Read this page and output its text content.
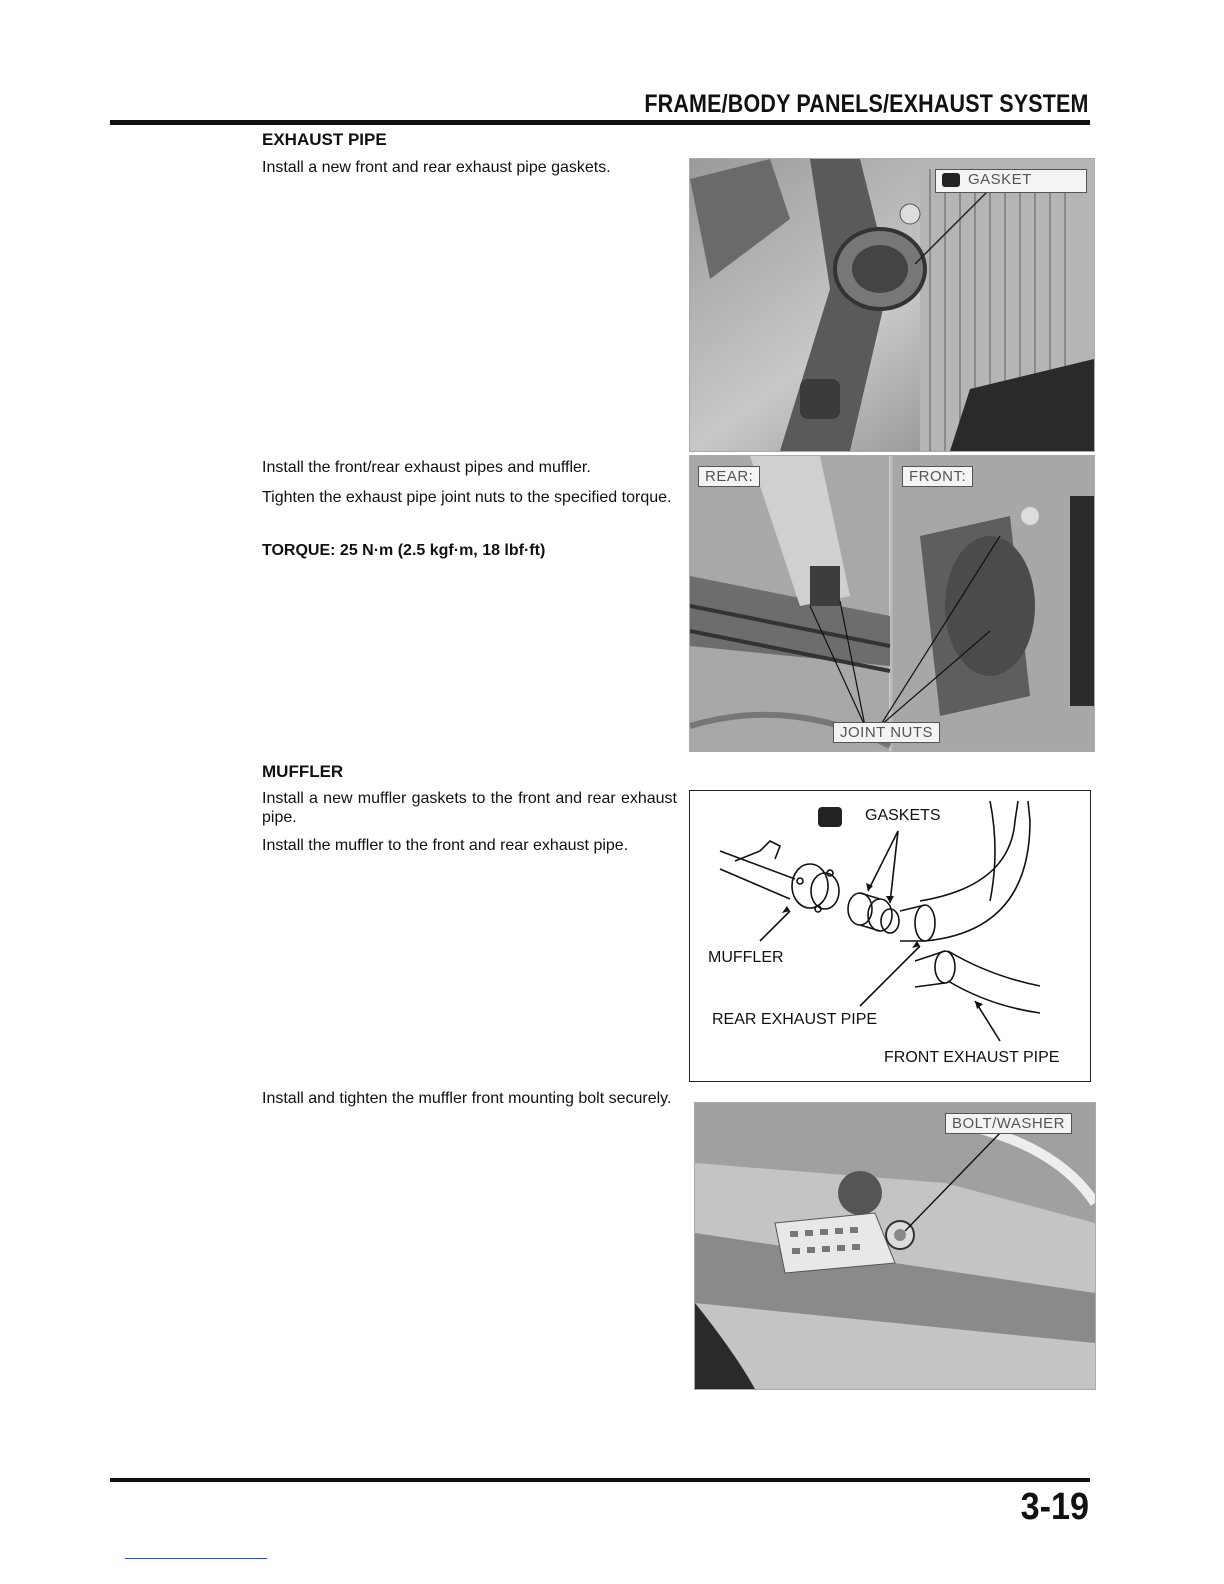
FRAME/BODY PANELS/EXHAUST SYSTEM
EXHAUST PIPE
Install a new front and rear exhaust pipe gaskets.
Install the front/rear exhaust pipes and muffler.
Tighten the exhaust pipe joint nuts to the specified torque.
TORQUE: 25 N·m (2.5 kgf·m, 18 lbf·ft)
GASKET
REAR:	FRONT:
JOINT NUTS
MUFFLER
Install a new muffler gaskets to the front and rear exhaust pipe.
Install the muffler to the front and rear exhaust pipe.
Install and tighten the muffler front mounting bolt securely.
GASKETS
MUFFLER
REAR EXHAUST PIPE
FRONT EXHAUST PIPE
BOLT/WASHER
3-19
